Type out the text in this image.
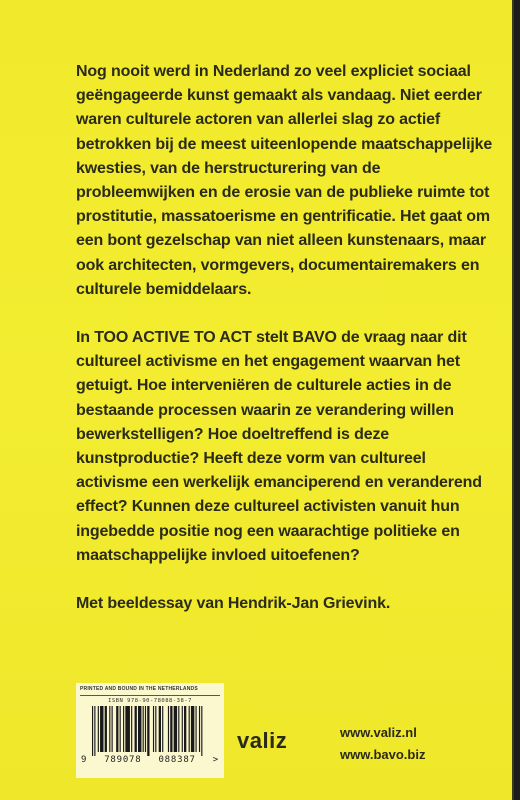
Nog nooit werd in Nederland zo veel expliciet sociaal geëngageerde kunst gemaakt als vandaag. Niet eerder waren culturele actoren van allerlei slag zo actief betrokken bij de meest uiteenlopende maatschappelijke kwesties, van de herstructurering van de probleemwijken en de erosie van de publieke ruimte tot prostitutie, massatoerisme en gentrificatie. Het gaat om een bont gezelschap van niet alleen kunstenaars, maar ook architecten, vormgevers, documentairemakers en culturele bemiddelaars.

In TOO ACTIVE TO ACT stelt BAVO de vraag naar dit cultureel activisme en het engagement waarvan het getuigt. Hoe interveniëren de culturele acties in de bestaande processen waarin ze verandering willen bewerkstelligen? Hoe doeltreffend is deze kunstproductie? Heeft deze vorm van cultureel activisme een werkelijk emanciperend en veranderend effect? Kunnen deze cultureel activisten vanuit hun ingebedde positie nog een waarachtige politieke en maatschappelijke invloed uitoefenen?

Met beeldessay van Hendrik-Jan Grievink.

PRINTED AND BOUND IN THE NETHERLANDS
ISBN 978-90-78088-38-7
9 789078 088387 >
valiz	www.valiz.nl
www.bavo.biz
